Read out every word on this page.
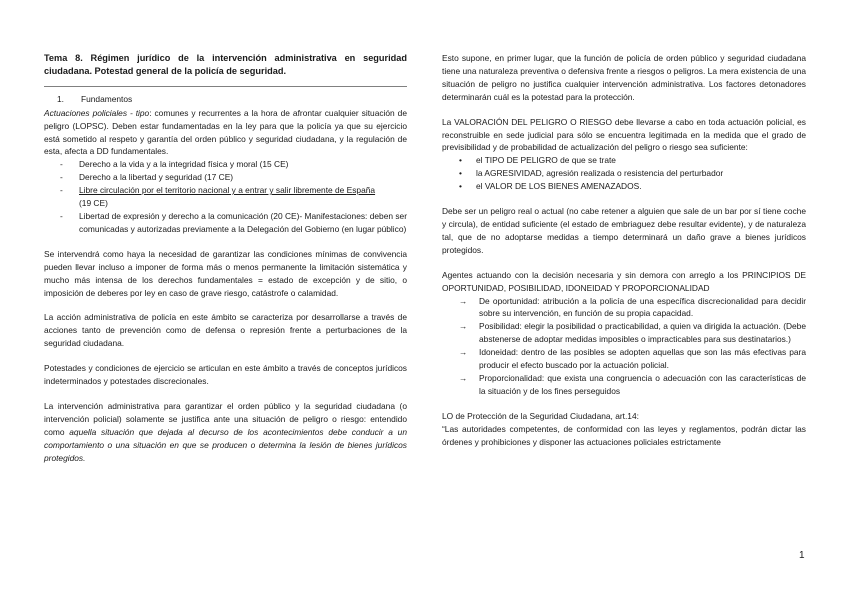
Tema 8. Régimen jurídico de la intervención administrativa en seguridad ciudadana. Potestad general de la policía de seguridad.

1. Fundamentos

Actuaciones policiales - tipo: comunes y recurrentes a la hora de afrontar cualquier situación de peligro (LOPSC). Deben estar fundamentadas en la ley para que la policía ya que su ejercicio está sometido al respeto y garantía del orden público y seguridad ciudadana, y la regulación de esta, afecta a DD fundamentales.

- Derecho a la vida y a la integridad física y moral (15 CE)
- Derecho a la libertad y seguridad (17 CE)
- Libre circulación por el territorio nacional y a entrar y salir libremente de España
(19 CE)
- Libertad de expresión y derecho a la comunicación (20 CE)- Manifestaciones: deben ser comunicadas y autorizadas previamente a la Delegación del Gobierno (en lugar público)

Se intervendrá como haya la necesidad de garantizar las condiciones mínimas de convivencia pueden llevar incluso a imponer de forma más o menos permanente la limitación sistemática y mucho más intensa de los derechos fundamentales = estado de excepción y de sitio, o imposición de deberes por ley en caso de grave riesgo, catástrofe o calamidad.

La acción administrativa de policía en este ámbito se caracteriza por desarrollarse a través de acciones tanto de prevención como de defensa o represión frente a perturbaciones de la seguridad ciudadana.

Potestades y condiciones de ejercicio se articulan en este ámbito a través de conceptos jurídicos indeterminados y potestades discrecionales.

La intervención administrativa para garantizar el orden público y la seguridad ciudadana (o intervención policial) solamente se justifica ante una situación de peligro o riesgo: entendido como aquella situación que dejada al decurso de los acontecimientos debe conducir a un comportamiento o una situación en que se producen o determina la lesión de bienes jurídicos protegidos.

Esto supone, en primer lugar, que la función de policía de orden público y seguridad ciudadana tiene una naturaleza preventiva o defensiva frente a riesgos o peligros. La mera existencia de una situación de peligro no justifica cualquier intervención administrativa. Los factores detonadores determinarán cuál es la potestad para la protección.

La VALORACIÓN DEL PELIGRO O RIESGO debe llevarse a cabo en toda actuación policial, es reconstruible en sede judicial para sólo se encuentra legitimada en la medida que el grado de previsibilidad y de probabilidad de actualización del peligro o riesgo sea suficiente:

• el TIPO DE PELIGRO de que se trate
• la AGRESIVIDAD, agresión realizada o resistencia del perturbador
• el VALOR DE LOS BIENES AMENAZADOS.

Debe ser un peligro real o actual (no cabe retener a alguien que sale de un bar por sí tiene coche y circula), de entidad suficiente (el estado de embriaguez debe resultar evidente), y de naturaleza tal, que de no adoptarse medidas a tiempo determinará un daño grave a bienes jurídicos protegidos.

Agentes actuando con la decisión necesaria y sin demora con arreglo a los PRINCIPIOS DE OPORTUNIDAD, POSIBILIDAD, IDONEIDAD Y PROPORCIONALIDAD

→ De oportunidad: atribución a la policía de una específica discrecionalidad para decidir sobre su intervención, en función de su propia capacidad.
→ Posibilidad: elegir la posibilidad o practicabilidad, a quien va dirigida la actuación. (Debe abstenerse de adoptar medidas imposibles o impracticables para sus destinatarios.)
→ Idoneidad: dentro de las posibles se adopten aquellas que son las más efectivas para producir el efecto buscado por la actuación policial.
→ Proporcionalidad: que exista una congruencia o adecuación con las características de la situación y de los fines perseguidos

LO de Protección de la Seguridad Ciudadana, art.14:

“Las autoridades competentes, de conformidad con las leyes y reglamentos, podrán dictar las órdenes y prohibiciones y disponer las actuaciones policiales estrictamente

1
